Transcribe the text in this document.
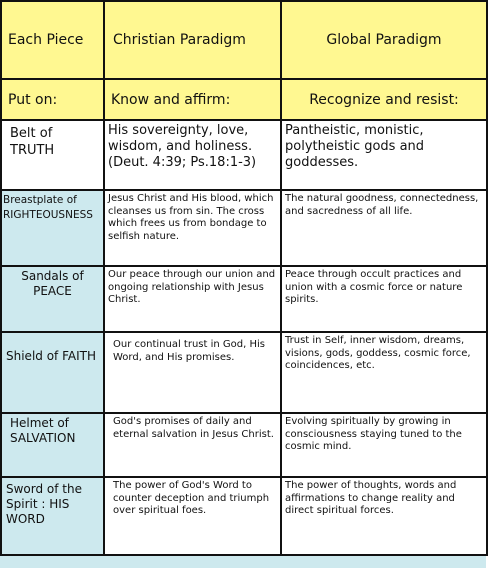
Each Piece	Christian Paradigm	Global Paradigm
Put on:	Know and affirm:	Recognize and resist:
Belt of TRUTH	His sovereignty, love, wisdom, and holiness. (Deut. 4:39; Ps.18:1-3)	Pantheistic, monistic, polytheistic gods and goddesses.
Breastplate of RIGHTEOUSNESS	Jesus Christ and His blood, which cleanses us from sin. The cross which frees us from bondage to selfish nature.	The natural goodness, connectedness, and sacredness of all life.
Sandals of PEACE	Our peace through our union and ongoing relationship with Jesus Christ.	Peace through occult practices and union with a cosmic force or nature spirits.
Shield of FAITH	Our continual trust in God, His Word, and His promises.	Trust in Self, inner wisdom, dreams, visions, gods, goddess, cosmic force, coincidences, etc.
Helmet of SALVATION	God's promises of daily and eternal salvation in Jesus Christ.	Evolving spiritually by growing in consciousness staying tuned to the cosmic mind.
Sword of the Spirit : HIS WORD	The power of God's Word to counter deception and triumph over spiritual foes.	The power of thoughts, words and affirmations to change reality and direct spiritual forces.
